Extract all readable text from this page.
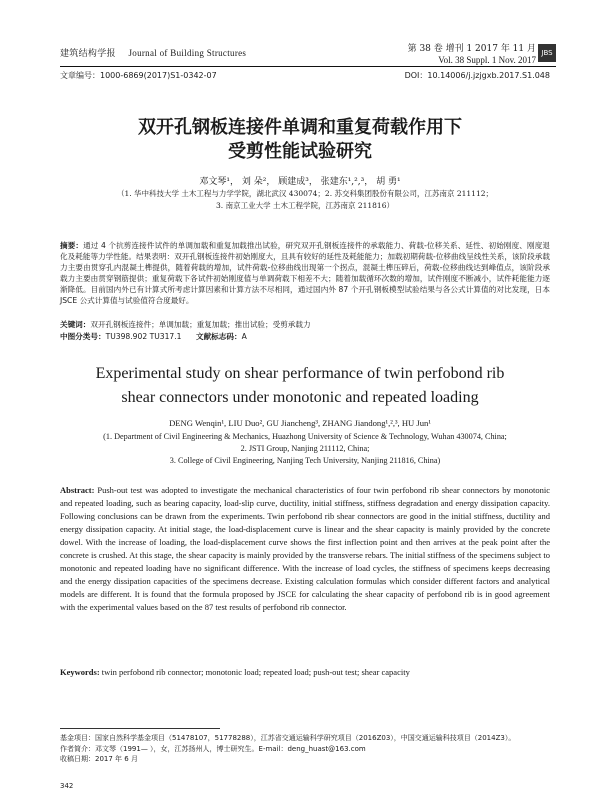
建筑结构学报 Journal of Building Structures	第 38 卷 增刊 1 2017 年 11 月
Vol. 38 Suppl. 1 Nov. 2017
JBS
文章编号：1000-6869(2017)S1-0342-07	DOI：10.14006/j.jzjgxb.2017.S1.048
双开孔钢板连接件单调和重复荷载作用下
受剪性能试验研究
邓文琴¹， 刘 朵²， 顾建成³， 张建东¹,²,³， 胡 勇¹
（1. 华中科技大学 土木工程与力学学院，湖北武汉 430074；2. 苏交科集团股份有限公司，江苏南京 211112；
3. 南京工业大学 土木工程学院，江苏南京 211816）
摘要：通过 4 个抗剪连接件试件的单调加载和重复加载推出试验，研究双开孔钢板连接件的承载能力、荷载-位移关系、延性、初始刚度、刚度退化及耗能等力学性能。结果表明：双开孔钢板连接件初始刚度大，且具有较好的延性及耗能能力；加载初期荷载-位移曲线呈线性关系，该阶段承载力主要由贯穿孔内混凝土榫提供，随着荷载的增加，试件荷载-位移曲线出现第一个拐点，混凝土榫压碎后，荷载-位移曲线达到峰值点，该阶段承载力主要由贯穿钢筋提供；重复荷载下各试件初始刚度值与单调荷载下相差不大；随着加载循环次数的增加，试件刚度不断减小，试件耗能能力逐渐降低。目前国内外已有计算式所考虑计算因素和计算方法不尽相同，通过国内外 87 个开孔钢板模型试验结果与各公式计算值的对比发现，日本 JSCE 公式计算值与试验值符合度最好。
关键词：双开孔钢板连接件；单调加载；重复加载；推出试验；受剪承载力
中图分类号：TU398.902 TU317.1 文献标志码：A
Experimental study on shear performance of twin perfobond rib
shear connectors under monotonic and repeated loading
DENG Wenqin¹, LIU Duo², GU Jiancheng³, ZHANG Jiandong¹,²,³, HU Jun¹
(1. Department of Civil Engineering & Mechanics, Huazhong University of Science & Technology, Wuhan 430074, China;
2. JSTI Group, Nanjing 211112, China;
3. College of Civil Engineering, Nanjing Tech University, Nanjing 211816, China)
Abstract: Push-out test was adopted to investigate the mechanical characteristics of four twin perfobond rib shear connectors by monotonic and repeated loading, such as bearing capacity, load-slip curve, ductility, initial stiffness, stiffness degradation and energy dissipation capacity. Following conclusions can be drawn from the experiments. Twin perfobond rib shear connectors are good in the initial stiffness, ductility and energy dissipation capacity. At initial stage, the load-displacement curve is linear and the shear capacity is mainly provided by the concrete dowel. With the increase of loading, the load-displacement curve shows the first inflection point and then arrives at the peak point after the concrete is crushed. At this stage, the shear capacity is mainly provided by the transverse rebars. The initial stiffness of the specimens subject to monotonic and repeated loading have no significant difference. With the increase of load cycles, the stiffness of specimens keeps decreasing and the energy dissipation capacities of the specimens decrease. Existing calculation formulas which consider different factors and analytical models are different. It is found that the formula proposed by JSCE for calculating the shear capacity of perfobond rib is in good agreement with the experimental values based on the 87 test results of perfobond rib connector.
Keywords: twin perfobond rib connector; monotonic load; repeated load; push-out test; shear capacity
基金项目：国家自然科学基金项目（51478107，51778288），江苏省交通运输科学研究项目（2016Z03），中国交通运输科技项目（2014Z3）。
作者简介：邓文琴（1991— ），女，江苏扬州人，博士研究生。E-mail：deng_huast@163.com
收稿日期：2017 年 6 月
342
